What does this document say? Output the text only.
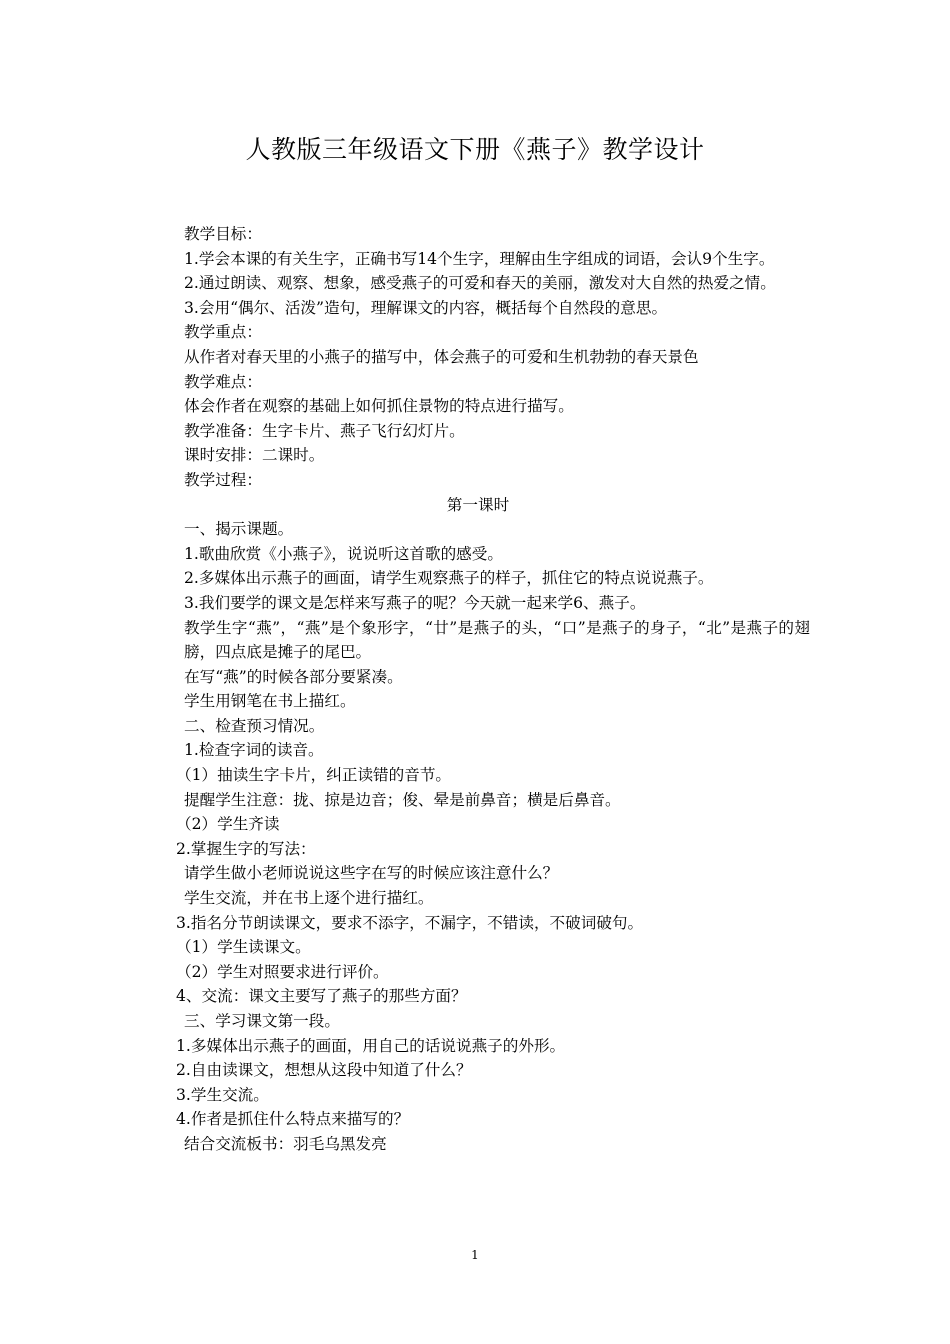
人教版三年级语文下册《燕子》教学设计

教学目标：

1.学会本课的有关生字，正确书写14个生字，理解由生字组成的词语，会认9个生字。

2.通过朗读、观察、想象，感受燕子的可爱和春天的美丽，激发对大自然的热爱之情。

3.会用“偶尔、活泼”造句，理解课文的内容，概括每个自然段的意思。

教学重点：

从作者对春天里的小燕子的描写中，体会燕子的可爱和生机勃勃的春天景色

教学难点：

体会作者在观察的基础上如何抓住景物的特点进行描写。

教学准备：生字卡片、燕子飞行幻灯片。

课时安排：二课时。

教学过程：

第一课时

一、揭示课题。

1.歌曲欣赏《小燕子》，说说听这首歌的感受。

2.多媒体出示燕子的画面，请学生观察燕子的样子，抓住它的特点说说燕子。

3.我们要学的课文是怎样来写燕子的呢？今天就一起来学6、燕子。

教学生字“燕”，“燕”是个象形字，“廿”是燕子的头，“口”是燕子的身子，“北”是燕子的翅膀，四点底是摊子的尾巴。

在写“燕”的时候各部分要紧凑。

学生用钢笔在书上描红。

二、检查预习情况。

1.检查字词的读音。

（1）抽读生字卡片，纠正读错的音节。

提醒学生注意：拢、掠是边音；俊、晕是前鼻音；横是后鼻音。

（2）学生齐读

2.掌握生字的写法：

请学生做小老师说说这些字在写的时候应该注意什么？

学生交流，并在书上逐个进行描红。

3.指名分节朗读课文，要求不添字，不漏字，不错读，不破词破句。

（1）学生读课文。

（2）学生对照要求进行评价。

4、交流：课文主要写了燕子的那些方面？

三、学习课文第一段。

1.多媒体出示燕子的画面，用自己的话说说燕子的外形。

2.自由读课文，想想从这段中知道了什么？

3.学生交流。

4.作者是抓住什么特点来描写的？

结合交流板书：羽毛乌黑发亮

1
